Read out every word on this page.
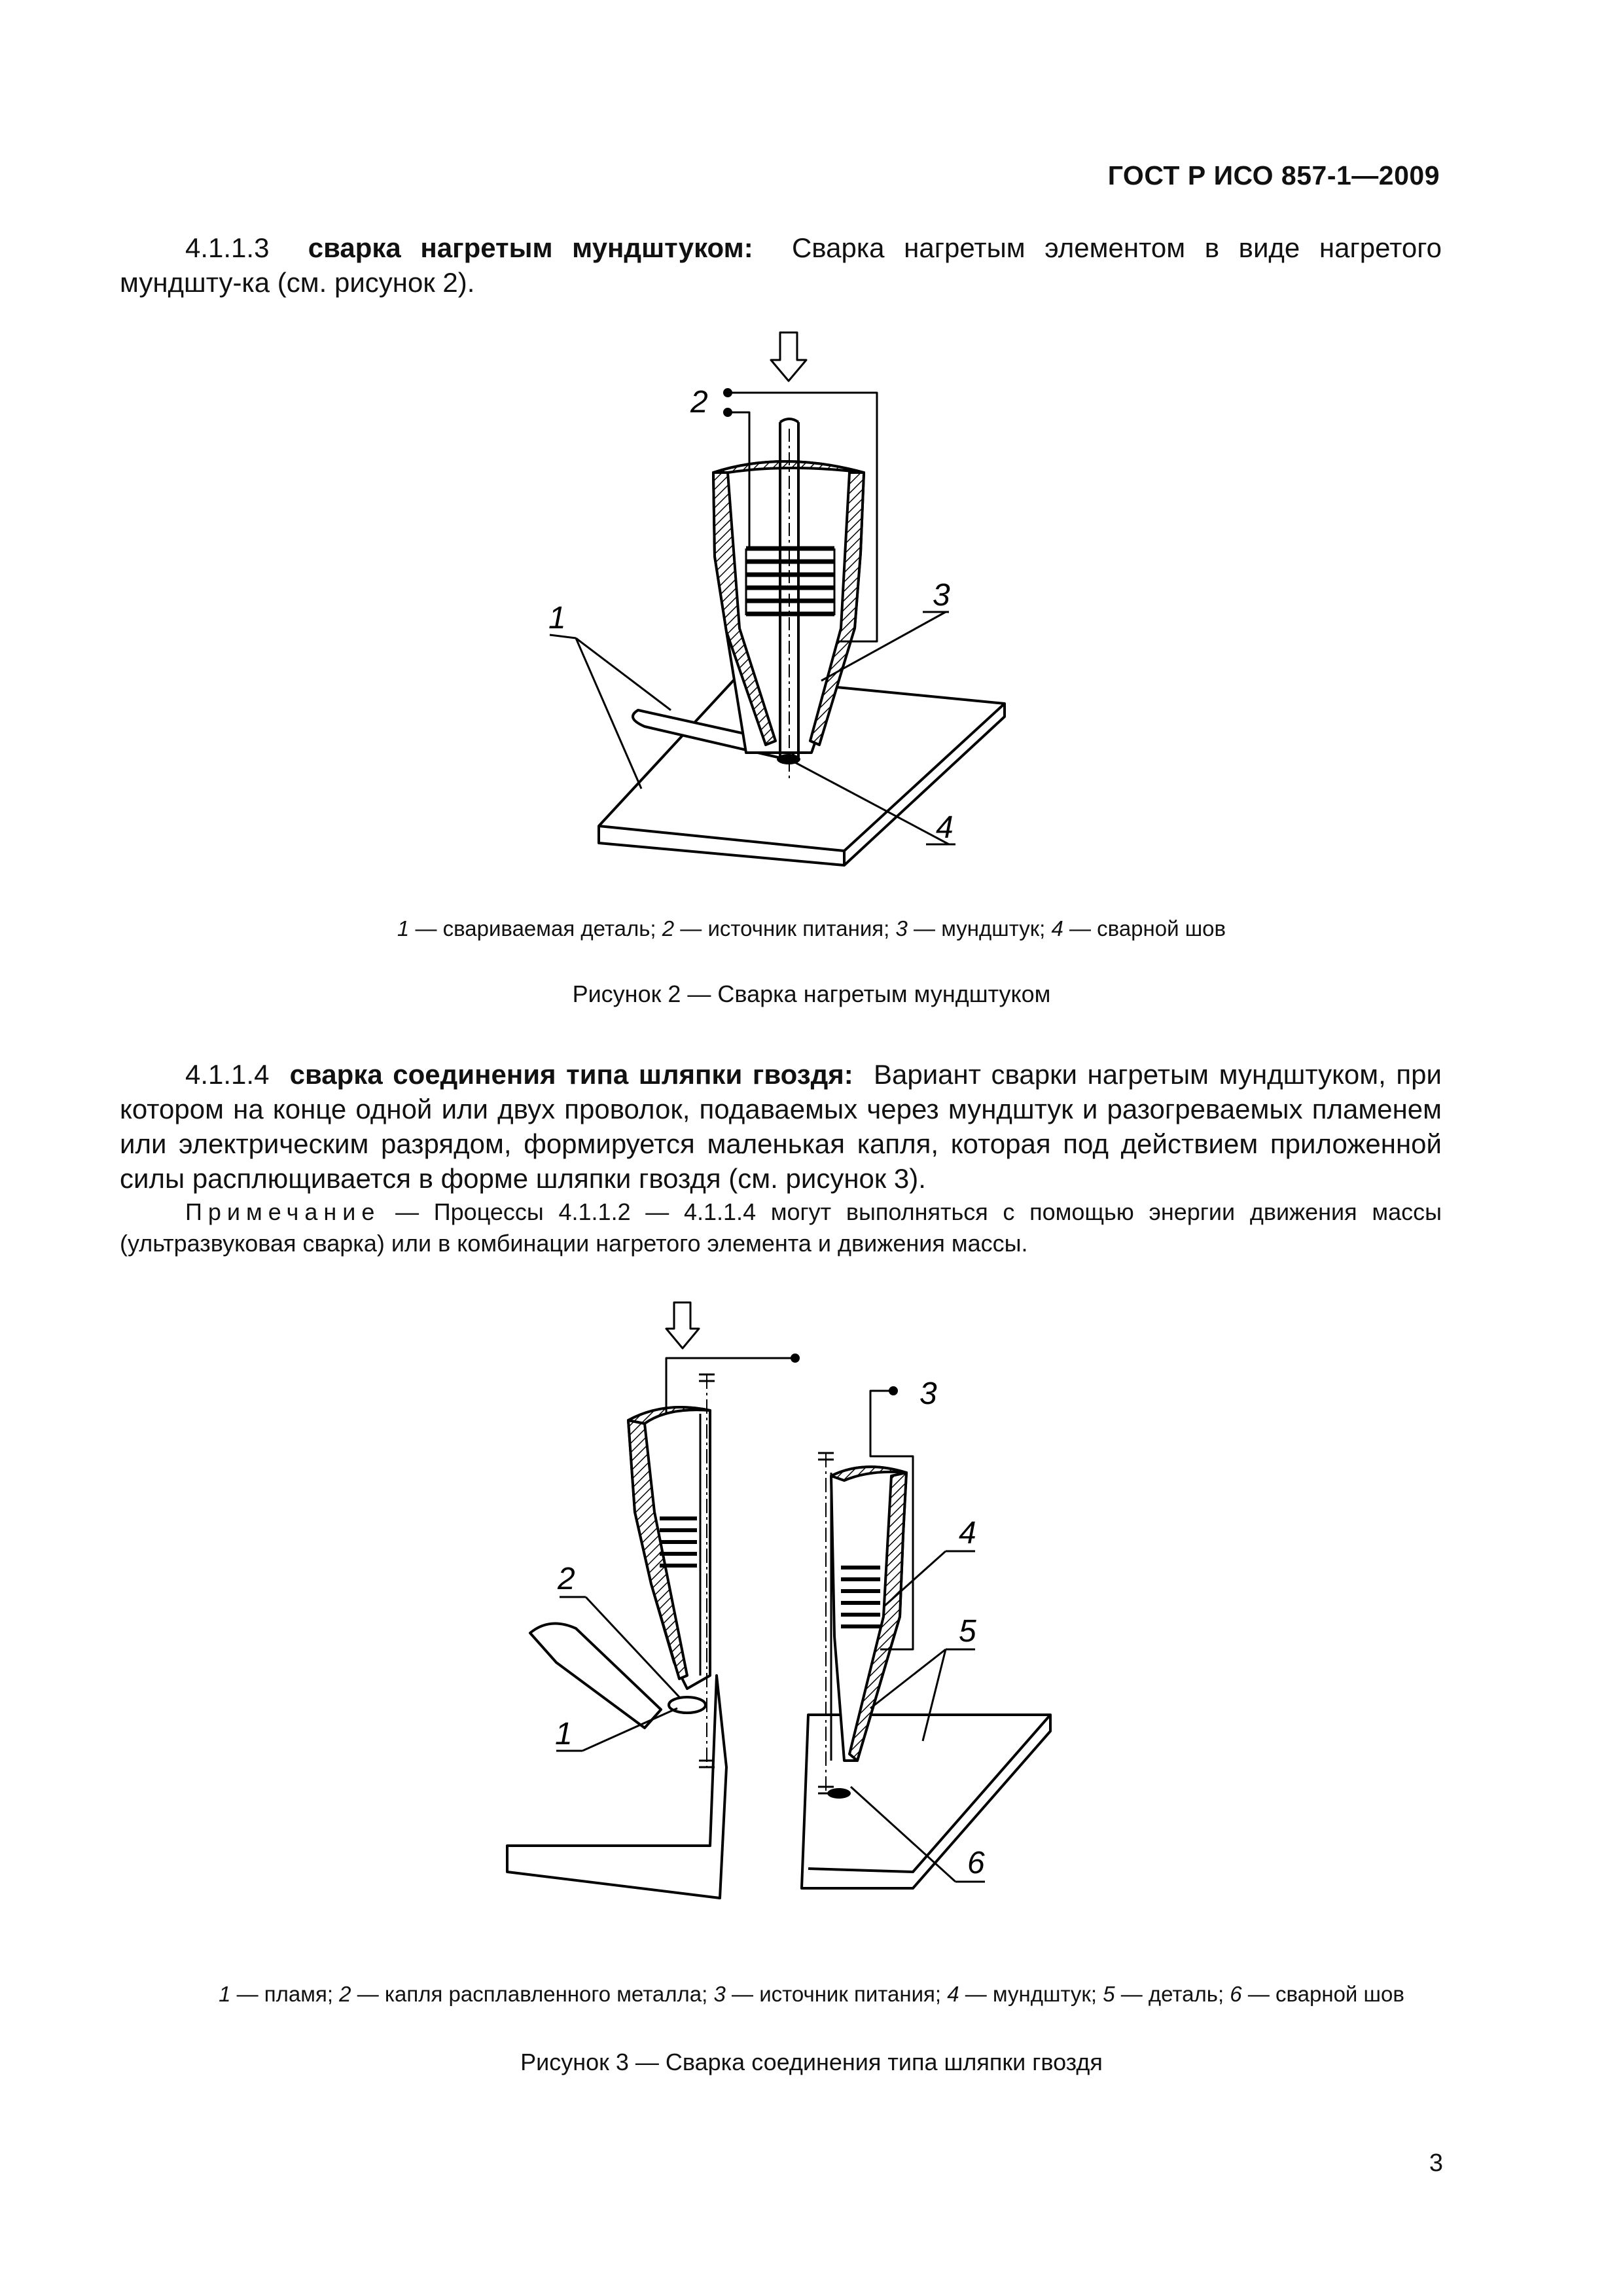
ГОСТ Р ИСО 857-1—2009

4.1.1.3 сварка нагретым мундштуком: Сварка нагретым элементом в виде нагретого мундшту-ка (см. рисунок 2).

2
1
3
4
1 — свариваемая деталь; 2 — источник питания; 3 — мундштук; 4 — сварной шов
Рисунок 2 — Сварка нагретым мундштуком

4.1.1.4 сварка соединения типа шляпки гвоздя: Вариант сварки нагретым мундштуком, при котором на конце одной или двух проволок, подаваемых через мундштук и разогреваемых пламенем или электрическим разрядом, формируется маленькая капля, которая под действием приложенной силы расплющивается в форме шляпки гвоздя (см. рисунок 3).

Примечание — Процессы 4.1.1.2 — 4.1.1.4 могут выполняться с помощью энергии движения массы (ультразвуковая сварка) или в комбинации нагретого элемента и движения массы.

3
4
5
6
2
1
1 — пламя; 2 — капля расплавленного металла; 3 — источник питания; 4 — мундштук; 5 — деталь; 6 — сварной шов
Рисунок 3 — Сварка соединения типа шляпки гвоздя
3
